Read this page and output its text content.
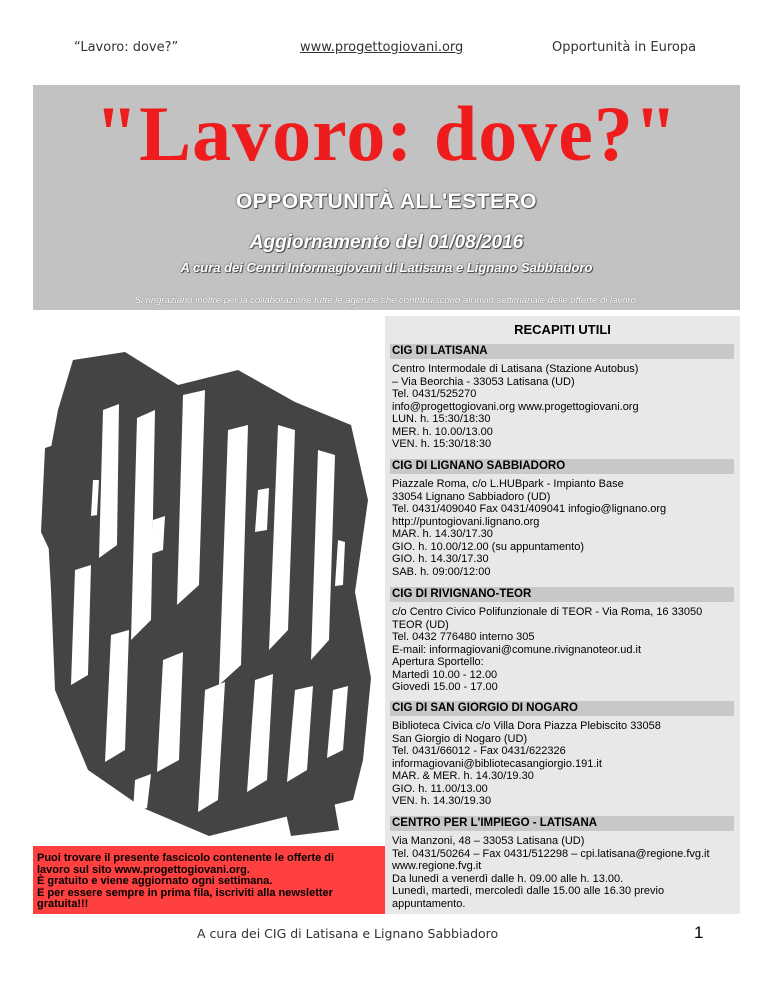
“Lavoro: dove?”	www.progettogiovani.org	Opportunità in Europa
"Lavoro: dove?"
OPPORTUNITÀ ALL'ESTERO
Aggiornamento del 01/08/2016
A cura dei Centri Informagiovani di Latisana e Lignano Sabbiadoro
Si ringraziano inoltre per la collaborazione tutte le agenzie che contribuiscono all'invio settimanale delle offerte di lavoro.
RECAPITI UTILI
CIG DI LATISANA
Centro Intermodale di Latisana (Stazione Autobus)
– Via Beorchia - 33053 Latisana (UD)
Tel. 0431/525270
info@progettogiovani.org www.progettogiovani.org
LUN. h. 15:30/18:30
MER. h. 10.00/13.00
VEN. h. 15:30/18:30
CIG DI LIGNANO SABBIADORO
Piazzale Roma, c/o L.HUBpark - Impianto Base
33054 Lignano Sabbiadoro (UD)
Tel. 0431/409040 Fax 0431/409041 infogio@lignano.org
http://puntogiovani.lignano.org
MAR. h. 14.30/17.30
GIO. h. 10.00/12.00 (su appuntamento)
GIO. h. 14.30/17.30
SAB. h. 09:00/12:00
CIG DI RIVIGNANO-TEOR
c/o Centro Civico Polifunzionale di TEOR - Via Roma, 16 33050
TEOR (UD)
Tel. 0432 776480 interno 305
E-mail: informagiovani@comune.rivignanoteor.ud.it
Apertura Sportello:
Martedì 10.00 - 12.00
Giovedì 15.00 - 17.00
CIG DI SAN GIORGIO DI NOGARO
Biblioteca Civica c/o Villa Dora Piazza Plebiscito 33058
San Giorgio di Nogaro (UD)
Tel. 0431/66012 - Fax 0431/622326
informagiovani@bibliotecasangiorgio.191.it
MAR. & MER. h. 14.30/19.30
GIO. h. 11.00/13.00
VEN. h. 14.30/19.30
CENTRO PER L'IMPIEGO - LATISANA
Via Manzoni, 48 – 33053 Latisana (UD)
Tel. 0431/50264 – Fax 0431/512298 – cpi.latisana@regione.fvg.it
www.regione.fvg.it
Da lunedì a venerdì dalle h. 09.00 alle h. 13.00.
Lunedì, martedì, mercoledì dalle 15.00 alle 16.30 previo
appuntamento.
Puoi trovare il presente fascicolo contenente le offerte di
lavoro sul sito www.progettogiovani.org.
È gratuito e viene aggiornato ogni settimana.
E per essere sempre in prima fila, iscriviti alla newsletter
gratuita!!!
A cura dei CIG di Latisana e Lignano Sabbiadoro	1
